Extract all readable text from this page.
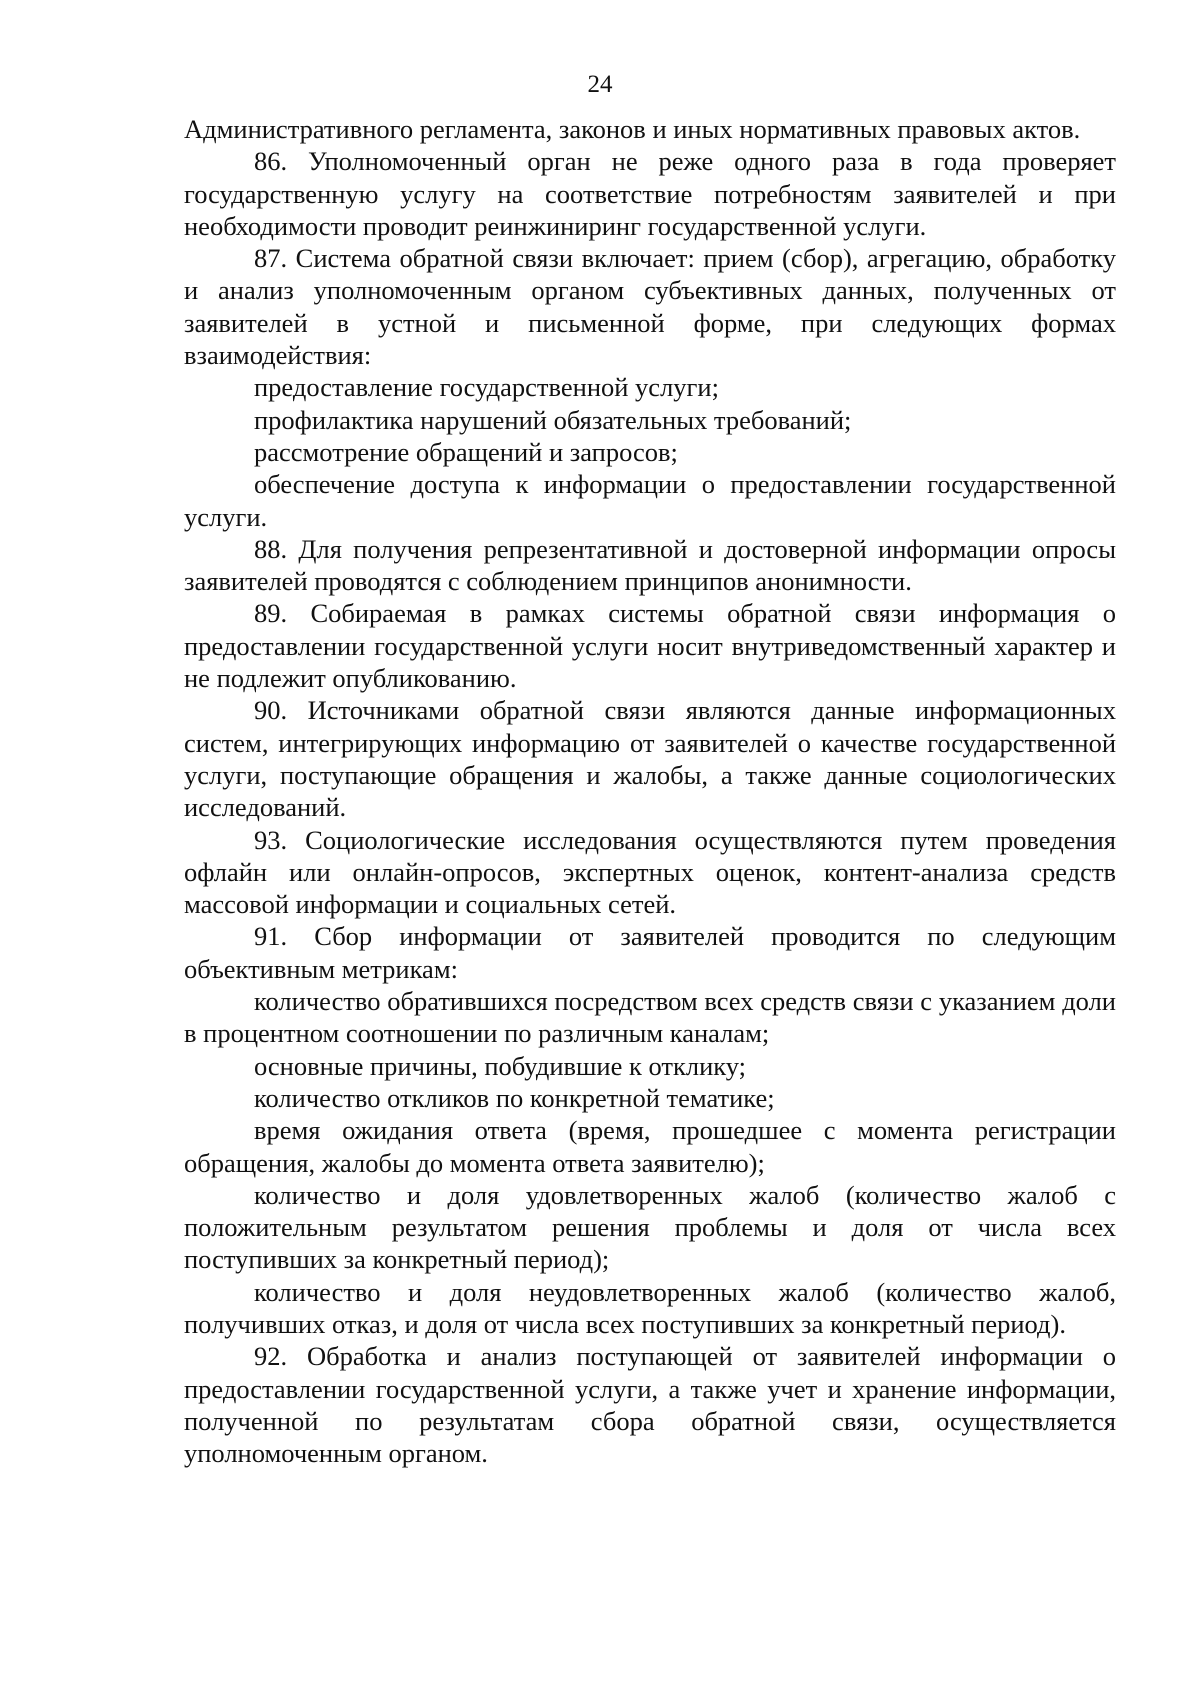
24

Административного регламента, законов и иных нормативных правовых актов.

86. Уполномоченный орган не реже одного раза в года проверяет государственную услугу на соответствие потребностям заявителей и при необходимости проводит реинжиниринг государственной услуги.

87. Система обратной связи включает: прием (сбор), агрегацию, обработку и анализ уполномоченным органом субъективных данных, полученных от заявителей в устной и письменной форме, при следующих формах взаимодействия:

предоставление государственной услуги;

профилактика нарушений обязательных требований;

рассмотрение обращений и запросов;

обеспечение доступа к информации о предоставлении государственной услуги.

88. Для получения репрезентативной и достоверной информации опросы заявителей проводятся с соблюдением принципов анонимности.

89. Собираемая в рамках системы обратной связи информация о предоставлении государственной услуги носит внутриведомственный характер и не подлежит опубликованию.

90. Источниками обратной связи являются данные информационных систем, интегрирующих информацию от заявителей о качестве государственной услуги, поступающие обращения и жалобы, а также данные социологических исследований.

93. Социологические исследования осуществляются путем проведения офлайн или онлайн-опросов, экспертных оценок, контент-анализа средств массовой информации и социальных сетей.

91. Сбор информации от заявителей проводится по следующим объективным метрикам:

количество обратившихся посредством всех средств связи с указанием доли в процентном соотношении по различным каналам;

основные причины, побудившие к отклику;

количество откликов по конкретной тематике;

время ожидания ответа (время, прошедшее с момента регистрации обращения, жалобы до момента ответа заявителю);

количество и доля удовлетворенных жалоб (количество жалоб с положительным результатом решения проблемы и доля от числа всех поступивших за конкретный период);

количество и доля неудовлетворенных жалоб (количество жалоб, получивших отказ, и доля от числа всех поступивших за конкретный период).

92. Обработка и анализ поступающей от заявителей информации о предоставлении государственной услуги, а также учет и хранение информации, полученной по результатам сбора обратной связи, осуществляется уполномоченным органом.
